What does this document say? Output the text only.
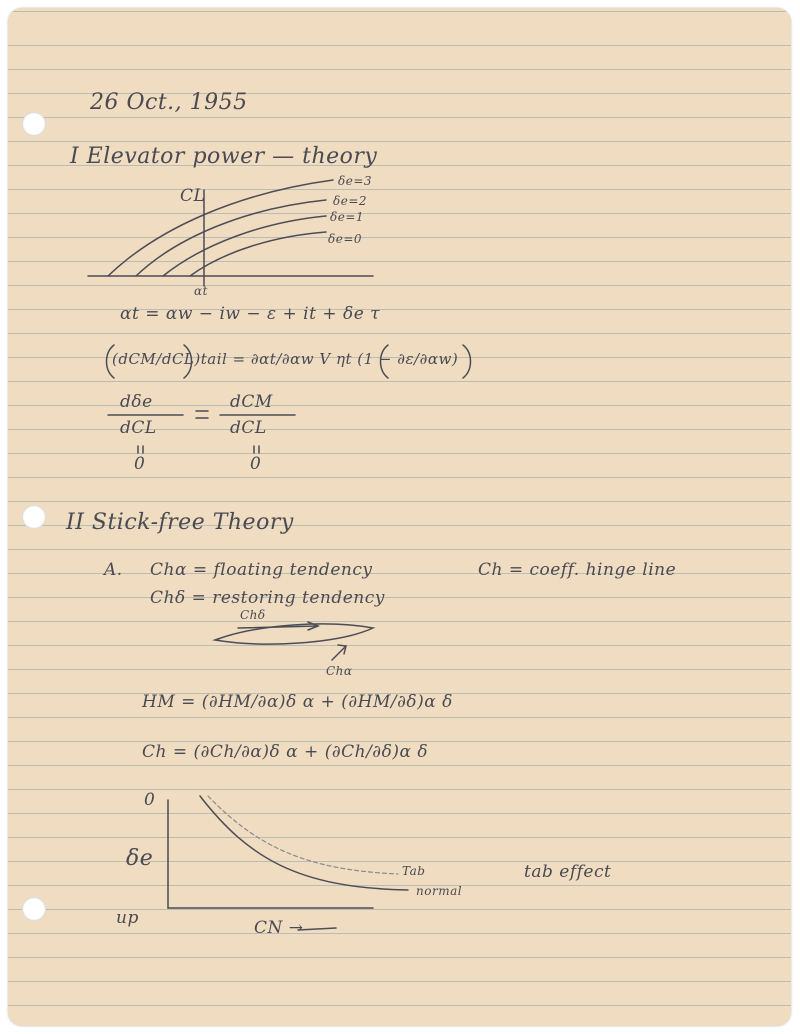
26 Oct., 1955
I Elevator power — theory
CL
αt
δe=3
δe=2
δe=1
δe=0
αt = αw − iw − ε + it + δe τ
(dCM/dCL)tail = ∂αt/∂αw V ηt (1 − ∂ε/∂αw)
dδe
dCL
dCM
dCL
0	0
II Stick-free Theory
A. Chα = floating tendency
Chδ = restoring tendency
Ch = coeff. hinge line
Chδ
Chα
HM = (∂HM/∂α)δ α + (∂HM/∂δ)α δ
Ch = (∂Ch/∂α)δ α + (∂Ch/∂δ)α δ
0
δe
up	CN →
Tab
normal
tab effect
